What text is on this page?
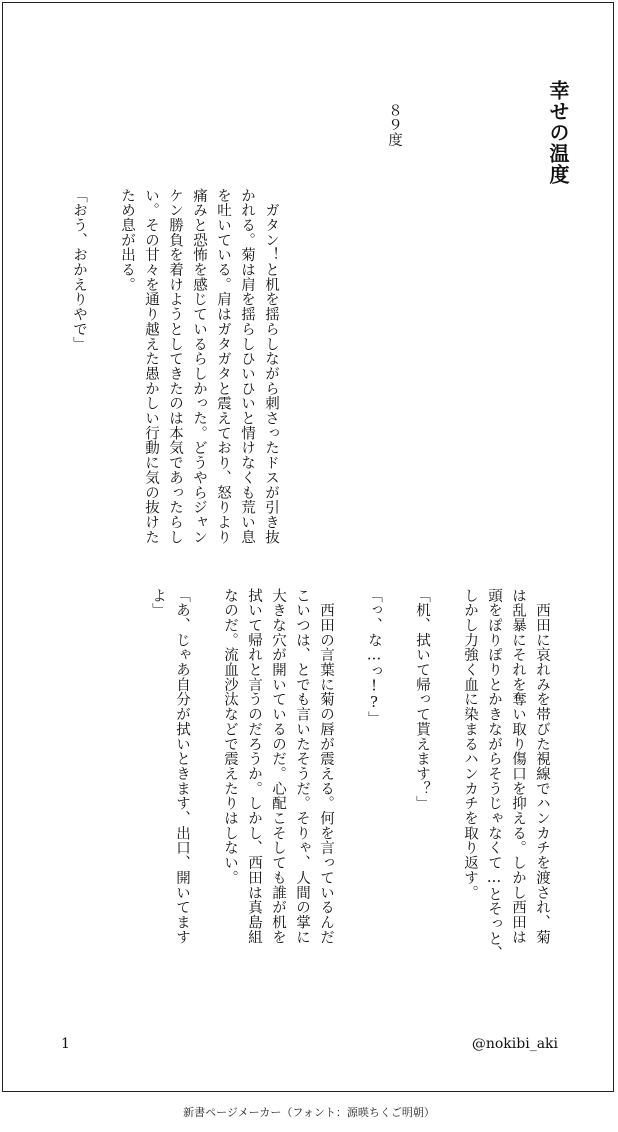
幸せの温度
８９度
　ガタン！と机を揺らしながら刺さったドスが引き抜
かれる。菊は肩を揺らしひいひいと情けなくも荒い息
を吐いている。肩はガタガタと震えており、怒りより
痛みと恐怖を感じているらしかった。どうやらジャン
ケン勝負を着けようとしてきたのは本気であったらし
い。その甘々を通り越えた愚かしい行動に気の抜けた
ため息が出る。

「おう、おかえりやで」
　西田に哀れみを帯びた視線でハンカチを渡され、菊
は乱暴にそれを奪い取り傷口を抑える。しかし西田は
頭をぽりぽりとかきながらそうじゃなくて…とそっと、
しかし力強く血に染まるハンカチを取り返す。

「机、拭いて帰って貰えます？」

「っ、な…っ!?」

　西田の言葉に菊の唇が震える。何を言っているんだ
こいつは、とでも言いたそうだ。そりゃ、人間の掌に
大きな穴が開いているのだ。心配こそしても誰が机を
拭いて帰れと言うのだろうか。しかし、西田は真島組
なのだ。流血沙汰などで震えたりはしない。

「あ、じゃあ自分が拭いときます、出口、開いてます
よ」
1	@nokibi_aki
新書ページメーカー（フォント：源暎ちくご明朝）
